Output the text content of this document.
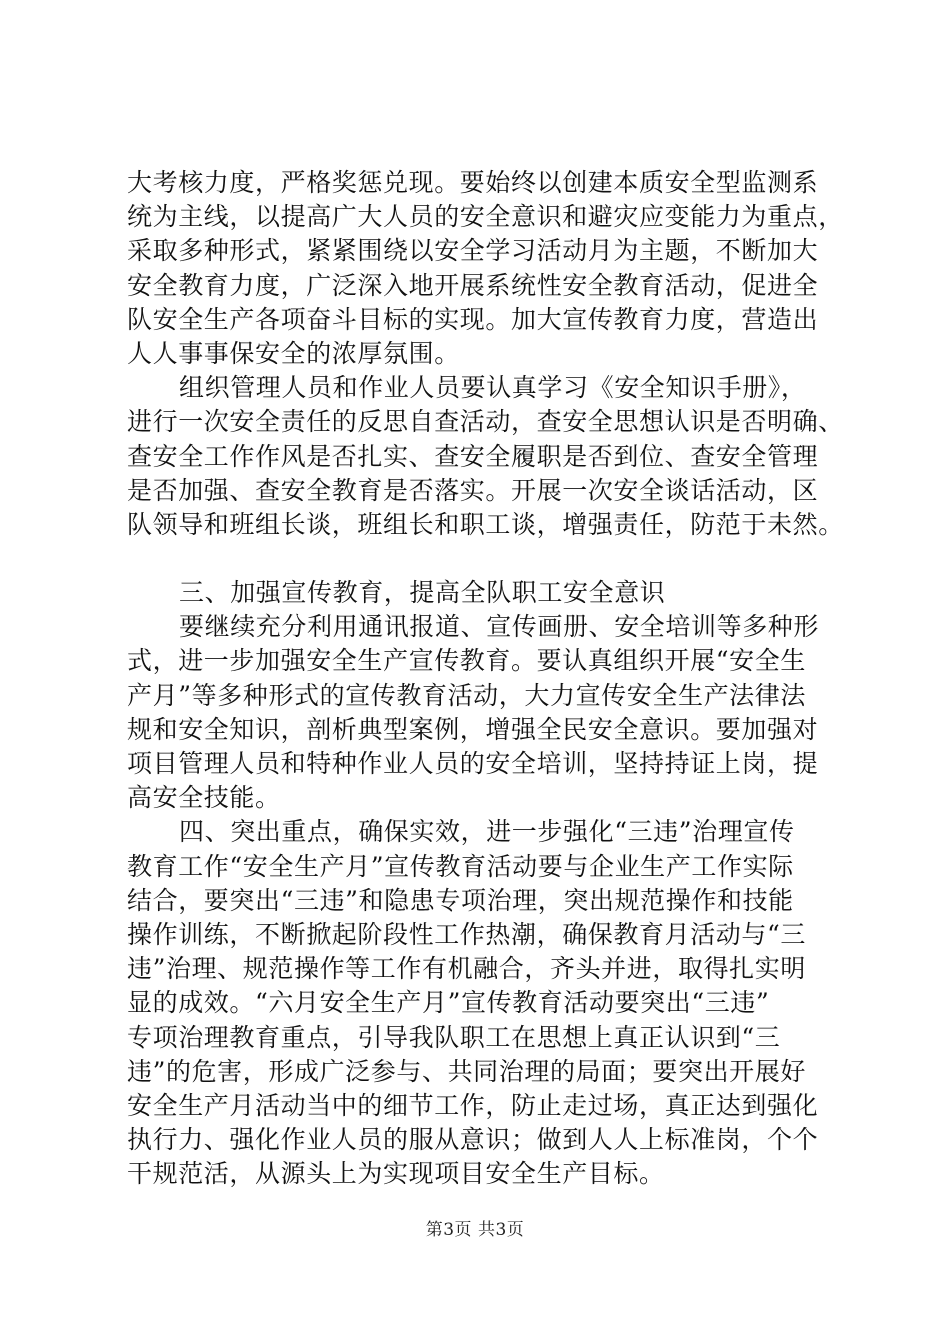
大考核力度，严格奖惩兑现。要始终以创建本质安全型监测系
统为主线，以提高广大人员的安全意识和避灾应变能力为重点，
采取多种形式，紧紧围绕以安全学习活动月为主题，不断加大
安全教育力度，广泛深入地开展系统性安全教育活动，促进全
队安全生产各项奋斗目标的实现。加大宣传教育力度，营造出
人人事事保安全的浓厚氛围。
组织管理人员和作业人员要认真学习《安全知识手册》，
进行一次安全责任的反思自查活动，查安全思想认识是否明确、
查安全工作作风是否扎实、查安全履职是否到位、查安全管理
是否加强、查安全教育是否落实。开展一次安全谈话活动，区
队领导和班组长谈，班组长和职工谈，增强责任，防范于未然。
三、加强宣传教育，提高全队职工安全意识
要继续充分利用通讯报道、宣传画册、安全培训等多种形
式，进一步加强安全生产宣传教育。要认真组织开展“安全生
产月”等多种形式的宣传教育活动，大力宣传安全生产法律法
规和安全知识，剖析典型案例，增强全民安全意识。要加强对
项目管理人员和特种作业人员的安全培训，坚持持证上岗，提
高安全技能。
四、突出重点，确保实效，进一步强化“三违”治理宣传
教育工作“安全生产月”宣传教育活动要与企业生产工作实际
结合，要突出“三违”和隐患专项治理，突出规范操作和技能
操作训练，不断掀起阶段性工作热潮，确保教育月活动与“三
违”治理、规范操作等工作有机融合，齐头并进，取得扎实明
显的成效。“六月安全生产月”宣传教育活动要突出“三违”
专项治理教育重点，引导我队职工在思想上真正认识到“三
违”的危害，形成广泛参与、共同治理的局面；要突出开展好
安全生产月活动当中的细节工作，防止走过场，真正达到强化
执行力、强化作业人员的服从意识；做到人人上标准岗，个个
干规范活，从源头上为实现项目安全生产目标。
第3页 共3页
